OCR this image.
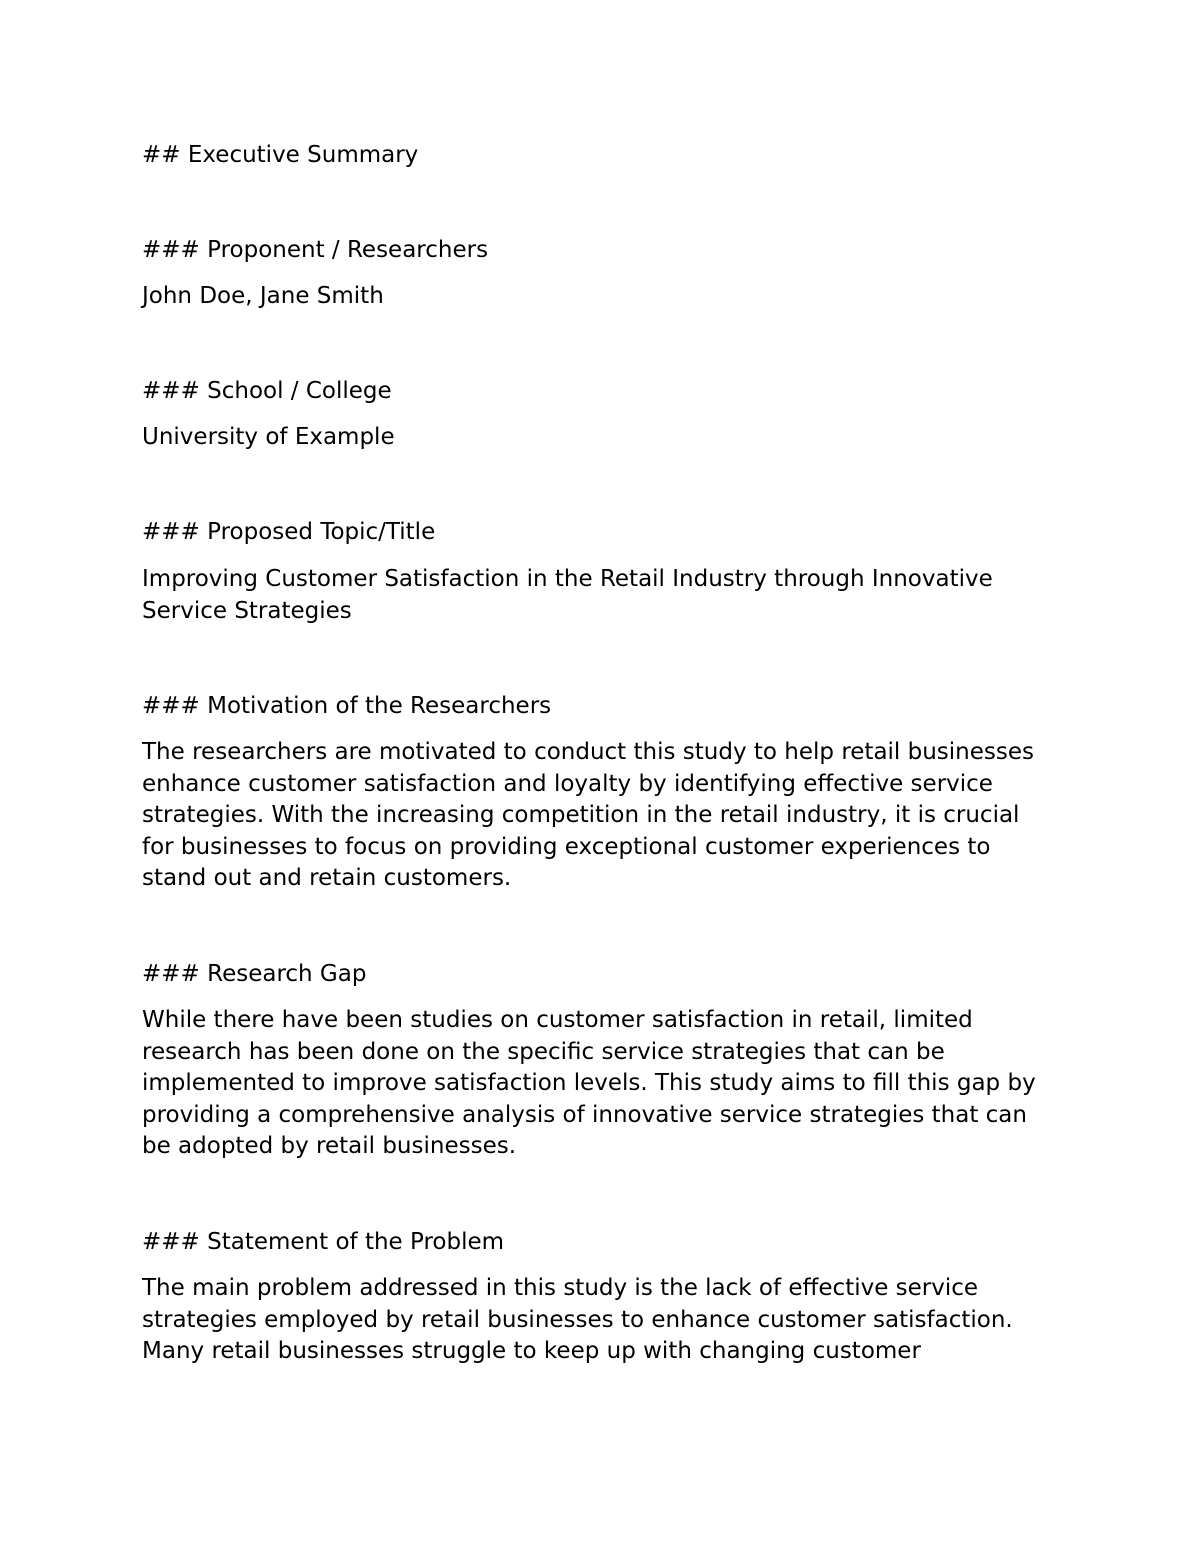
## Executive Summary
### Proponent / Researchers
John Doe, Jane Smith
### School / College
University of Example
### Proposed Topic/Title
Improving Customer Satisfaction in the Retail Industry through Innovative
Service Strategies
### Motivation of the Researchers
The researchers are motivated to conduct this study to help retail businesses
enhance customer satisfaction and loyalty by identifying effective service
strategies. With the increasing competition in the retail industry, it is crucial
for businesses to focus on providing exceptional customer experiences to
stand out and retain customers.
### Research Gap
While there have been studies on customer satisfaction in retail, limited
research has been done on the specific service strategies that can be
implemented to improve satisfaction levels. This study aims to fill this gap by
providing a comprehensive analysis of innovative service strategies that can
be adopted by retail businesses.
### Statement of the Problem
The main problem addressed in this study is the lack of effective service
strategies employed by retail businesses to enhance customer satisfaction.
Many retail businesses struggle to keep up with changing customer
